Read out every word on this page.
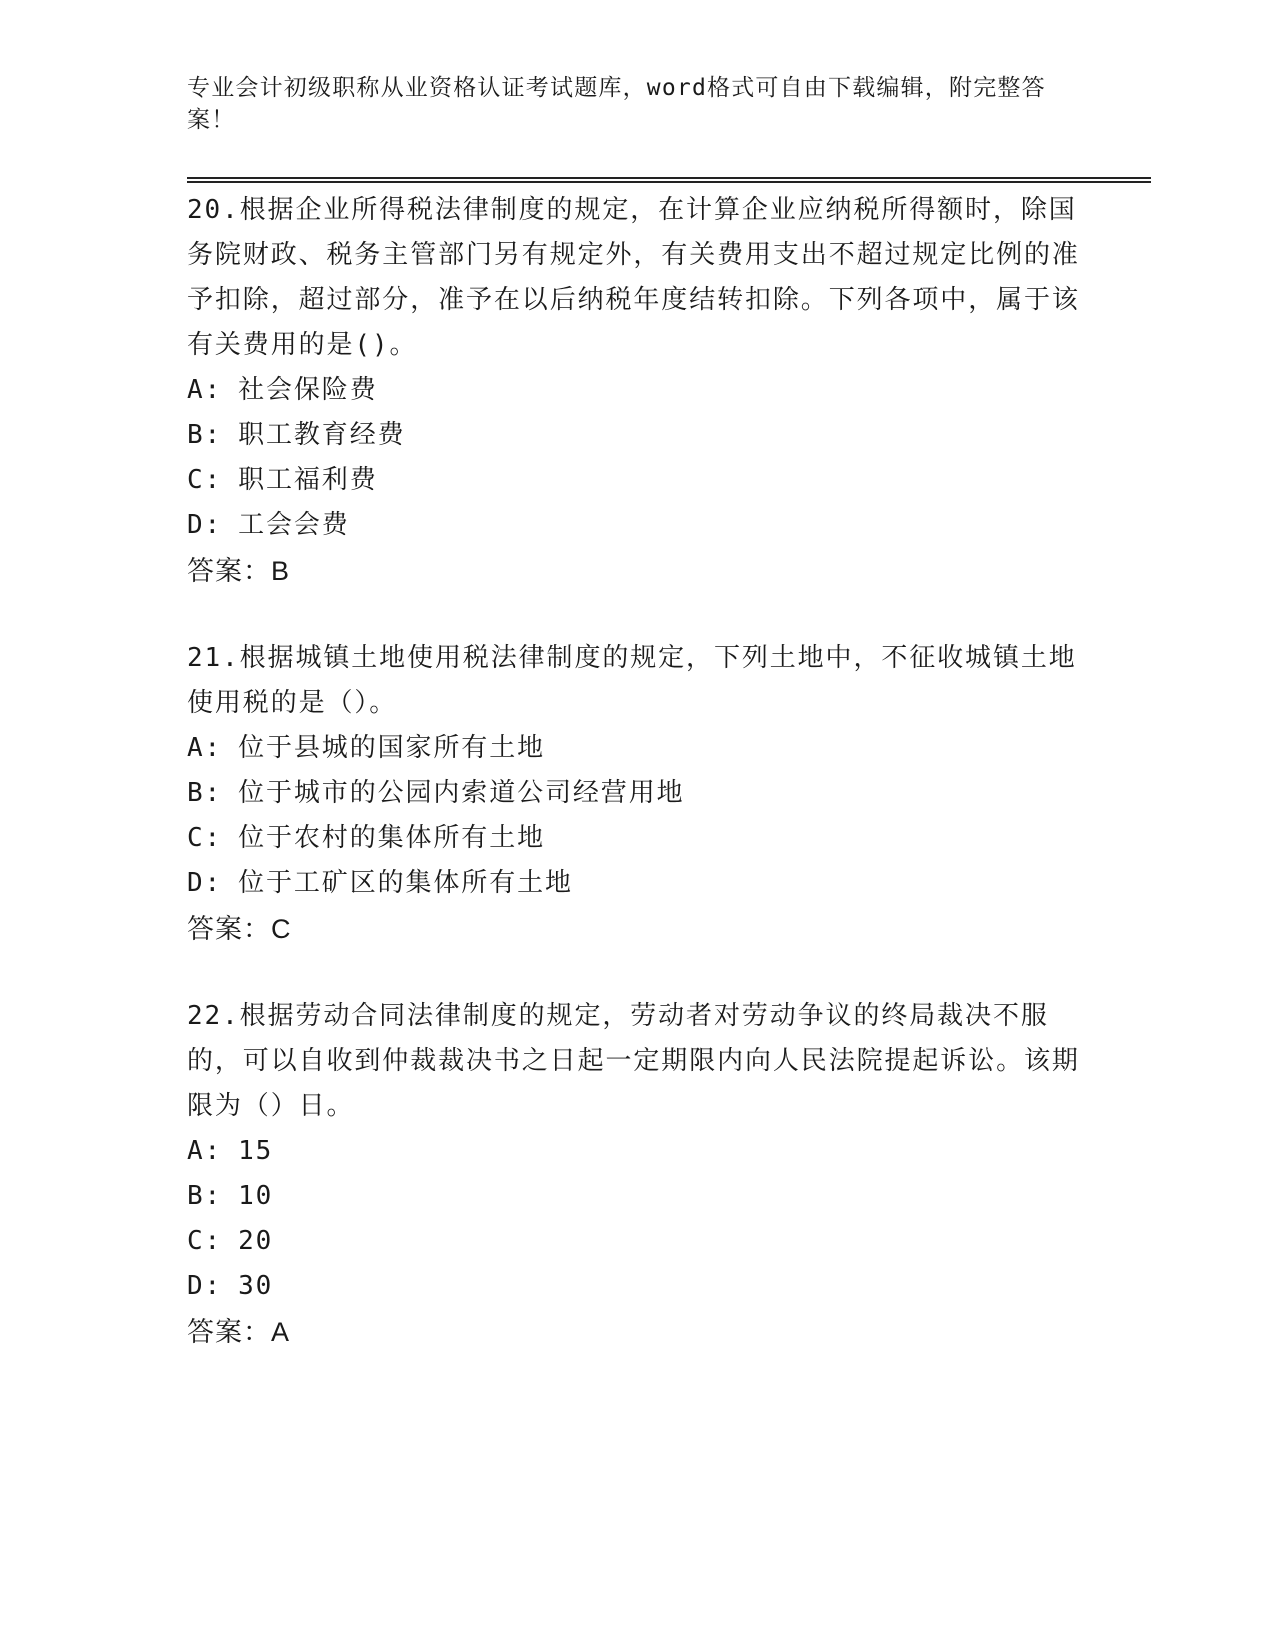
专业会计初级职称从业资格认证考试题库，word格式可自由下载编辑，附完整答案！

20.根据企业所得税法律制度的规定，在计算企业应纳税所得额时，除国务院财政、税务主管部门另有规定外，有关费用支出不超过规定比例的准予扣除，超过部分，准予在以后纳税年度结转扣除。下列各项中，属于该有关费用的是()。

A: 社会保险费

B: 职工教育经费

C: 职工福利费

D: 工会会费

答案：B

21.根据城镇土地使用税法律制度的规定，下列土地中，不征收城镇土地使用税的是（）。

A: 位于县城的国家所有土地

B: 位于城市的公园内索道公司经营用地

C: 位于农村的集体所有土地

D: 位于工矿区的集体所有土地

答案：C

22.根据劳动合同法律制度的规定，劳动者对劳动争议的终局裁决不服的，可以自收到仲裁裁决书之日起一定期限内向人民法院提起诉讼。该期限为（）日。

A: 15

B: 10

C: 20

D: 30

答案：A
